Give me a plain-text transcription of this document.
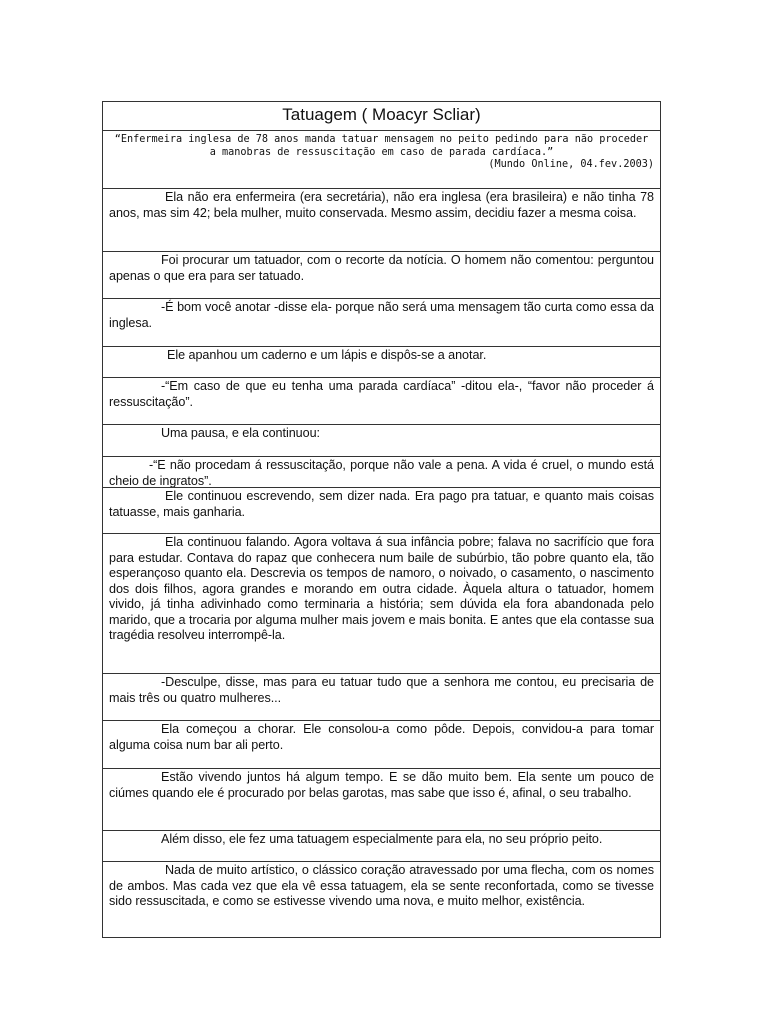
Tatuagem ( Moacyr Scliar)
“Enfermeira inglesa de 78 anos manda tatuar mensagem no peito pedindo para não proceder a manobras de ressuscitação em caso de parada cardíaca.”
(Mundo Online, 04.fev.2003)
Ela não era enfermeira (era secretária), não era inglesa (era brasileira) e não tinha 78 anos, mas sim 42; bela mulher, muito conservada. Mesmo assim, decidiu fazer a mesma coisa.
Foi procurar um tatuador, com o recorte da notícia. O homem não comentou: perguntou apenas o que era para ser tatuado.
-É bom você anotar -disse ela- porque não será uma mensagem tão curta como essa da inglesa.
Ele apanhou um caderno e um lápis e dispôs-se a anotar.
-“Em caso de que eu tenha uma parada cardíaca” -ditou ela-, “favor não proceder á ressuscitação”.
Uma pausa, e ela continuou:
-“E não procedam á ressuscitação, porque não vale a pena. A vida é cruel, o mundo está cheio de ingratos”.
Ele continuou escrevendo, sem dizer nada. Era pago pra tatuar, e quanto mais coisas tatuasse, mais ganharia.
Ela continuou falando. Agora voltava á sua infância pobre; falava no sacrifício que fora para estudar. Contava do rapaz que conhecera num baile de subúrbio, tão pobre quanto ela, tão esperançoso quanto ela. Descrevia os tempos de namoro, o noivado, o casamento, o nascimento dos dois filhos, agora grandes e morando em outra cidade. Àquela altura o tatuador, homem vivido, já tinha adivinhado como terminaria a história; sem dúvida ela fora abandonada pelo marido, que a trocaria por alguma mulher mais jovem e mais bonita. E antes que ela contasse sua tragédia resolveu interrompê-la.
-Desculpe, disse, mas para eu tatuar tudo que a senhora me contou, eu precisaria de mais três ou quatro mulheres...
Ela começou a chorar. Ele consolou-a como pôde. Depois, convidou-a para tomar alguma coisa num bar ali perto.
Estão vivendo juntos há algum tempo. E se dão muito bem. Ela sente um pouco de ciúmes quando ele é procurado por belas garotas, mas sabe que isso é, afinal, o seu trabalho.
Além disso, ele fez uma tatuagem especialmente para ela, no seu próprio peito.
Nada de muito artístico, o clássico coração atravessado por uma flecha, com os nomes de ambos. Mas cada vez que ela vê essa tatuagem, ela se sente reconfortada, como se tivesse sido ressuscitada, e como se estivesse vivendo uma nova, e muito melhor, existência.
